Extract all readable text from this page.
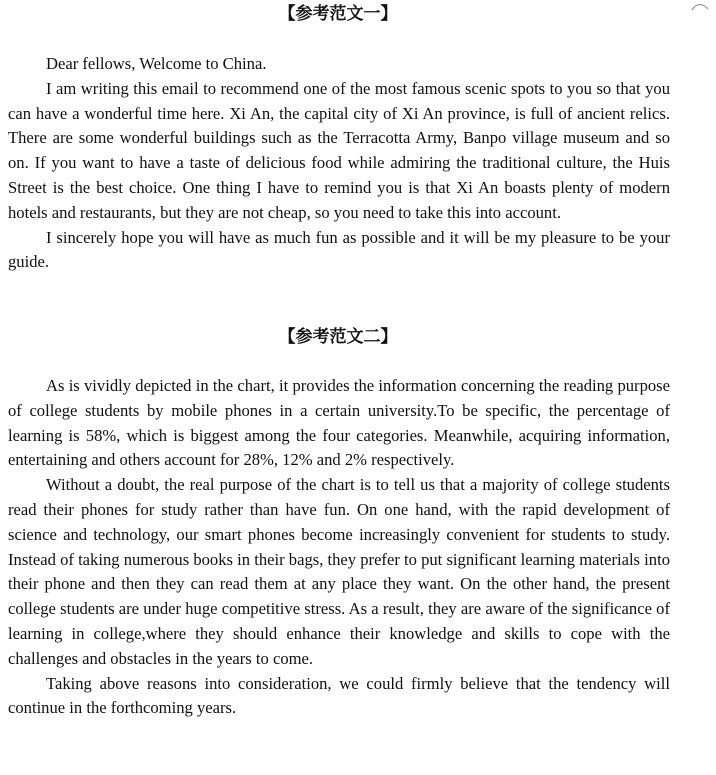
【参考范文一】

Dear fellows, Welcome to China.

I am writing this email to recommend one of the most famous scenic spots to you so that you can have a wonderful time here. Xi An, the capital city of Xi An province, is full of ancient relics. There are some wonderful buildings such as the Terracotta Army, Banpo village museum and so on. If you want to have a taste of delicious food while admiring the traditional culture, the Huis Street is the best choice. One thing I have to remind you is that Xi An boasts plenty of modern hotels and restaurants, but they are not cheap, so you need to take this into account.

I sincerely hope you will have as much fun as possible and it will be my pleasure to be your guide.

【参考范文二】

As is vividly depicted in the chart, it provides the information concerning the reading purpose of college students by mobile phones in a certain university.To be specific, the percentage of learning is 58%, which is biggest among the four categories. Meanwhile, acquiring information, entertaining and others account for 28%, 12% and 2% respectively.

Without a doubt, the real purpose of the chart is to tell us that a majority of college students read their phones for study rather than have fun. On one hand, with the rapid development of science and technology, our smart phones become increasingly convenient for students to study. Instead of taking numerous books in their bags, they prefer to put significant learning materials into their phone and then they can read them at any place they want. On the other hand, the present college students are under huge competitive stress. As a result, they are aware of the significance of learning in college,where they should enhance their knowledge and skills to cope with the challenges and obstacles in the years to come.

Taking above reasons into consideration, we could firmly believe that the tendency will continue in the forthcoming years.
